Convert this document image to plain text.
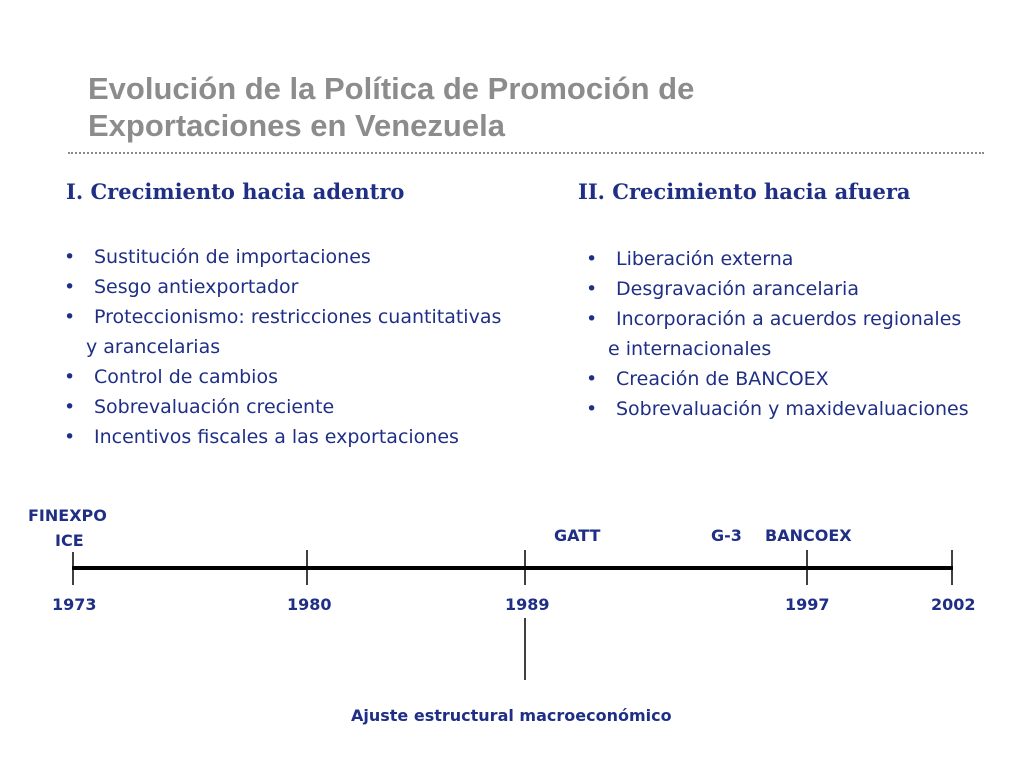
Evolución de la Política de Promoción de
Exportaciones en Venezuela
I. Crecimiento hacia adentro
• Sustitución de importaciones
• Sesgo antiexportador
• Proteccionismo: restricciones cuantitativas
y arancelarias
• Control de cambios
• Sobrevaluación creciente
• Incentivos fiscales a las exportaciones
II. Crecimiento hacia afuera
• Liberación externa
• Desgravación arancelaria
• Incorporación a acuerdos regionales
e internacionales
• Creación de BANCOEX
• Sobrevaluación y maxidevaluaciones
FINEXPO
ICE	GATT	G-3 BANCOEX
1973	1980	1989	1997	2002
Ajuste estructural macroeconómico
